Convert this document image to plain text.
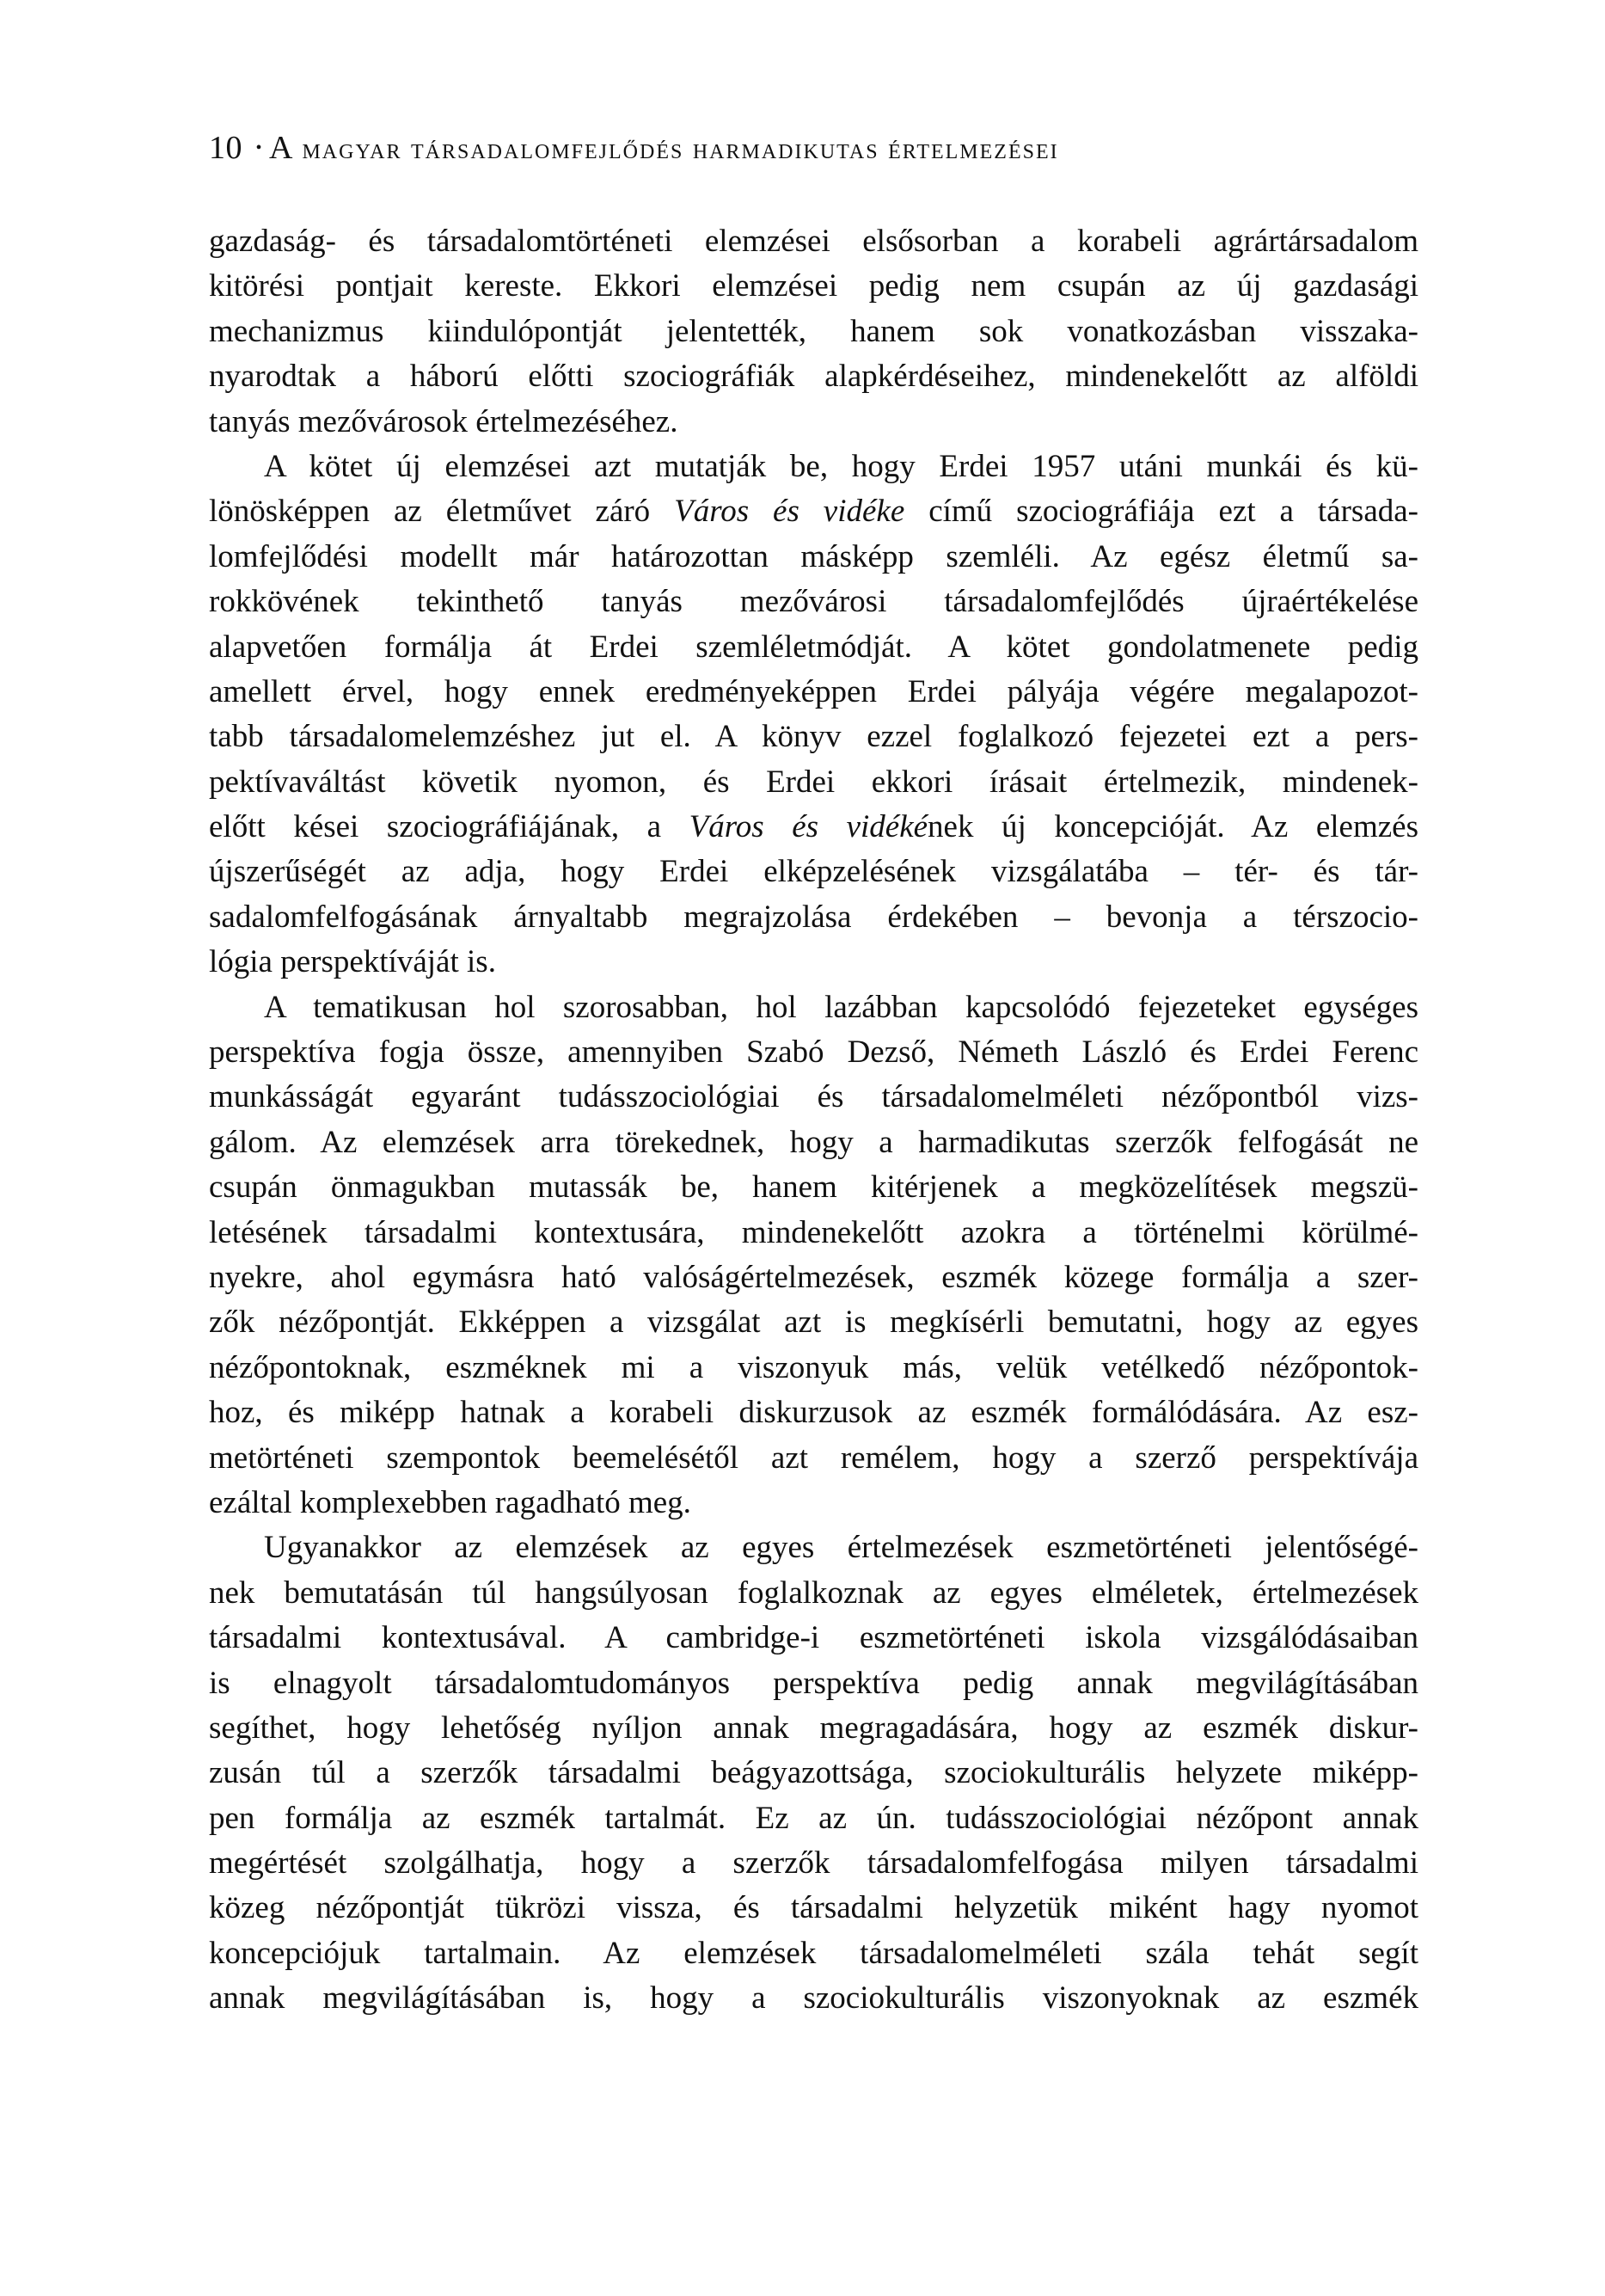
10 • A magyar társadalomfejlődés harmadikutas értelmezései
gazdaság- és társadalomtörténeti elemzései elsősorban a korabeli agrártársadalom
kitörési pontjait kereste. Ekkori elemzései pedig nem csupán az új gazdasági
mechanizmus kiindulópontját jelentették, hanem sok vonatkozásban visszaka-
nyarodtak a háború előtti szociográfiák alapkérdéseihez, mindenekelőtt az alföldi
tanyás mezővárosok értelmezéséhez.
A kötet új elemzései azt mutatják be, hogy Erdei 1957 utáni munkái és kü-
lönösképpen az életművet záró Város és vidéke című szociográfiája ezt a társada-
lomfejlődési modellt már határozottan másképp szemléli. Az egész életmű sa-
rokkövének tekinthető tanyás mezővárosi társadalomfejlődés újraértékelése
alapvetően formálja át Erdei szemléletmódját. A kötet gondolatmenete pedig
amellett érvel, hogy ennek eredményeképpen Erdei pályája végére megalapozot-
tabb társadalomelemzéshez jut el. A könyv ezzel foglalkozó fejezetei ezt a pers-
pektívaváltást követik nyomon, és Erdei ekkori írásait értelmezik, mindenek-
előtt kései szociográfiájának, a Város és vidékének új koncepcióját. Az elemzés
újszerűségét az adja, hogy Erdei elképzelésének vizsgálatába – tér- és tár-
sadalomfelfogásának árnyaltabb megrajzolása érdekében – bevonja a térszocio-
lógia perspektíváját is.
A tematikusan hol szorosabban, hol lazábban kapcsolódó fejezeteket egységes
perspektíva fogja össze, amennyiben Szabó Dezső, Németh László és Erdei Ferenc
munkásságát egyaránt tudásszociológiai és társadalomelméleti nézőpontból vizs-
gálom. Az elemzések arra törekednek, hogy a harmadikutas szerzők felfogását ne
csupán önmagukban mutassák be, hanem kitérjenek a megközelítések megszü-
letésének társadalmi kontextusára, mindenekelőtt azokra a történelmi körülmé-
nyekre, ahol egymásra ható valóságértelmezések, eszmék közege formálja a szer-
zők nézőpontját. Ekképpen a vizsgálat azt is megkísérli bemutatni, hogy az egyes
nézőpontoknak, eszméknek mi a viszonyuk más, velük vetélkedő nézőpontok-
hoz, és miképp hatnak a korabeli diskurzusok az eszmék formálódására. Az esz-
metörténeti szempontok beemelésétől azt remélem, hogy a szerző perspektívája
ezáltal komplexebben ragadható meg.
Ugyanakkor az elemzések az egyes értelmezések eszmetörténeti jelentőségé-
nek bemutatásán túl hangsúlyosan foglalkoznak az egyes elméletek, értelmezések
társadalmi kontextusával. A cambridge-i eszmetörténeti iskola vizsgálódásaiban
is elnagyolt társadalomtudományos perspektíva pedig annak megvilágításában
segíthet, hogy lehetőség nyíljon annak megragadására, hogy az eszmék diskur-
zusán túl a szerzők társadalmi beágyazottsága, szociokulturális helyzete miképp-
pen formálja az eszmék tartalmát. Ez az ún. tudásszociológiai nézőpont annak
megértését szolgálhatja, hogy a szerzők társadalomfelfogása milyen társadalmi
közeg nézőpontját tükrözi vissza, és társadalmi helyzetük miként hagy nyomot
koncepciójuk tartalmain. Az elemzések társadalomelméleti szála tehát segít
annak megvilágításában is, hogy a szociokulturális viszonyoknak az eszmék
